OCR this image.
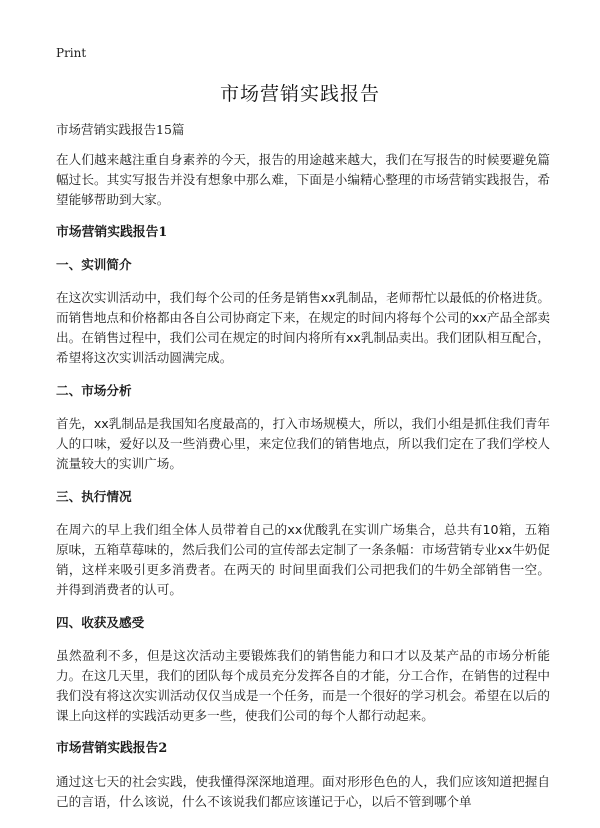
Print
市场营销实践报告
市场营销实践报告15篇

在人们越来越注重自身素养的今天，报告的用途越来越大，我们在写报告的时候要避免篇幅过长。其实写报告并没有想象中那么难，下面是小编精心整理的市场营销实践报告，希望能够帮助到大家。

市场营销实践报告1
一、实训简介

在这次实训活动中，我们每个公司的任务是销售xx乳制品，老师帮忙以最低的价格进货。而销售地点和价格都由各自公司协商定下来，在规定的时间内将每个公司的xx产品全部卖出。在销售过程中，我们公司在规定的时间内将所有xx乳制品卖出。我们团队相互配合，希望将这次实训活动圆满完成。

二、市场分析

首先，xx乳制品是我国知名度最高的，打入市场规模大，所以，我们小组是抓住我们青年人的口味，爱好以及一些消费心里，来定位我们的销售地点，所以我们定在了我们学校人流量较大的实训广场。

三、执行情况

在周六的早上我们组全体人员带着自己的xx优酸乳在实训广场集合，总共有10箱，五箱原味，五箱草莓味的，然后我们公司的宣传部去定制了一条条幅：市场营销专业xx牛奶促销，这样来吸引更多消费者。在两天的 时间里面我们公司把我们的牛奶全部销售一空。并得到消费者的认可。

四、收获及感受

虽然盈利不多，但是这次活动主要锻炼我们的销售能力和口才以及某产品的市场分析能力。在这几天里，我们的团队每个成员充分发挥各自的才能，分工合作，在销售的过程中我们没有将这次实训活动仅仅当成是一个任务，而是一个很好的学习机会。希望在以后的课上向这样的实践活动更多一些，使我们公司的每个人都行动起来。

市场营销实践报告2

通过这七天的社会实践，使我懂得深深地道理。面对形形色色的人，我们应该知道把握自己的言语，什么该说，什么不该说我们都应该谨记于心，以后不管到哪个单
